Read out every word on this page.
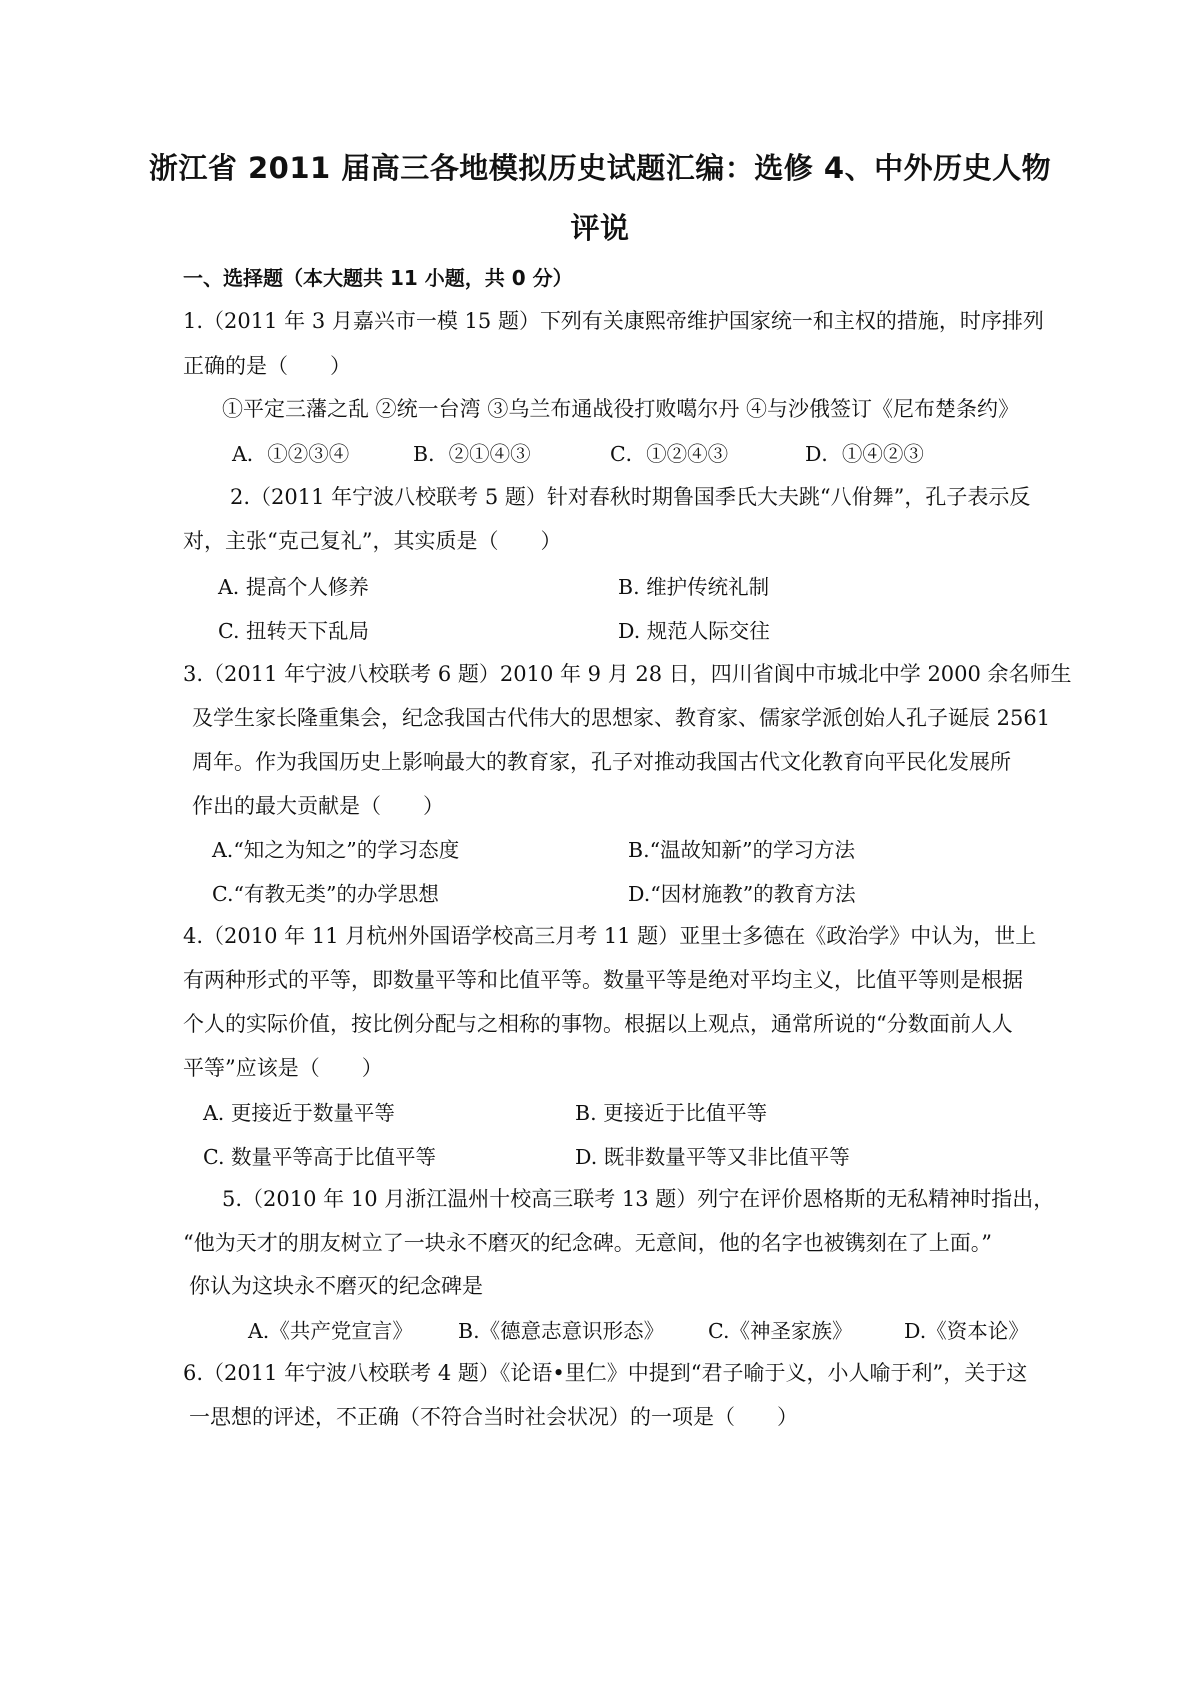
浙江省 2011 届高三各地模拟历史试题汇编：选修 4、中外历史人物
评说
一、选择题（本大题共 11 小题，共 0 分）
1.（2011 年 3 月嘉兴市一模 15 题）下列有关康熙帝维护国家统一和主权的措施，时序排列
正确的是（　　）
①平定三藩之乱 ②统一台湾 ③乌兰布通战役打败噶尔丹 ④与沙俄签订《尼布楚条约》
A．①②③④	B．②①④③	C．①②④③	D．①④②③
2.（2011 年宁波八校联考 5 题）针对春秋时期鲁国季氏大夫跳“八佾舞”，孔子表示反
对，主张“克己复礼”，其实质是（　　）
A. 提高个人修养	B. 维护传统礼制
C. 扭转天下乱局	D. 规范人际交往
3.（2011 年宁波八校联考 6 题）2010 年 9 月 28 日，四川省阆中市城北中学 2000 余名师生
及学生家长隆重集会，纪念我国古代伟大的思想家、教育家、儒家学派创始人孔子诞辰 2561
周年。作为我国历史上影响最大的教育家，孔子对推动我国古代文化教育向平民化发展所
作出的最大贡献是（　　）
A.“知之为知之”的学习态度	B.“温故知新”的学习方法
C.“有教无类”的办学思想	D.“因材施教”的教育方法
4.（2010 年 11 月杭州外国语学校高三月考 11 题）亚里士多德在《政治学》中认为，世上
有两种形式的平等，即数量平等和比值平等。数量平等是绝对平均主义，比值平等则是根据
个人的实际价值，按比例分配与之相称的事物。根据以上观点，通常所说的“分数面前人人
平等”应该是（　　）
A. 更接近于数量平等	B. 更接近于比值平等
C. 数量平等高于比值平等	D. 既非数量平等又非比值平等
5.（2010 年 10 月浙江温州十校高三联考 13 题）列宁在评价恩格斯的无私精神时指出，
“他为天才的朋友树立了一块永不磨灭的纪念碑。无意间，他的名字也被镌刻在了上面。”
你认为这块永不磨灭的纪念碑是
A.《共产党宣言》 B.《德意志意识形态》 C.《神圣家族》	D.《资本论》
6.（2011 年宁波八校联考 4 题）《论语•里仁》中提到“君子喻于义，小人喻于利”，关于这
一思想的评述，不正确（不符合当时社会状况）的一项是（　　）
